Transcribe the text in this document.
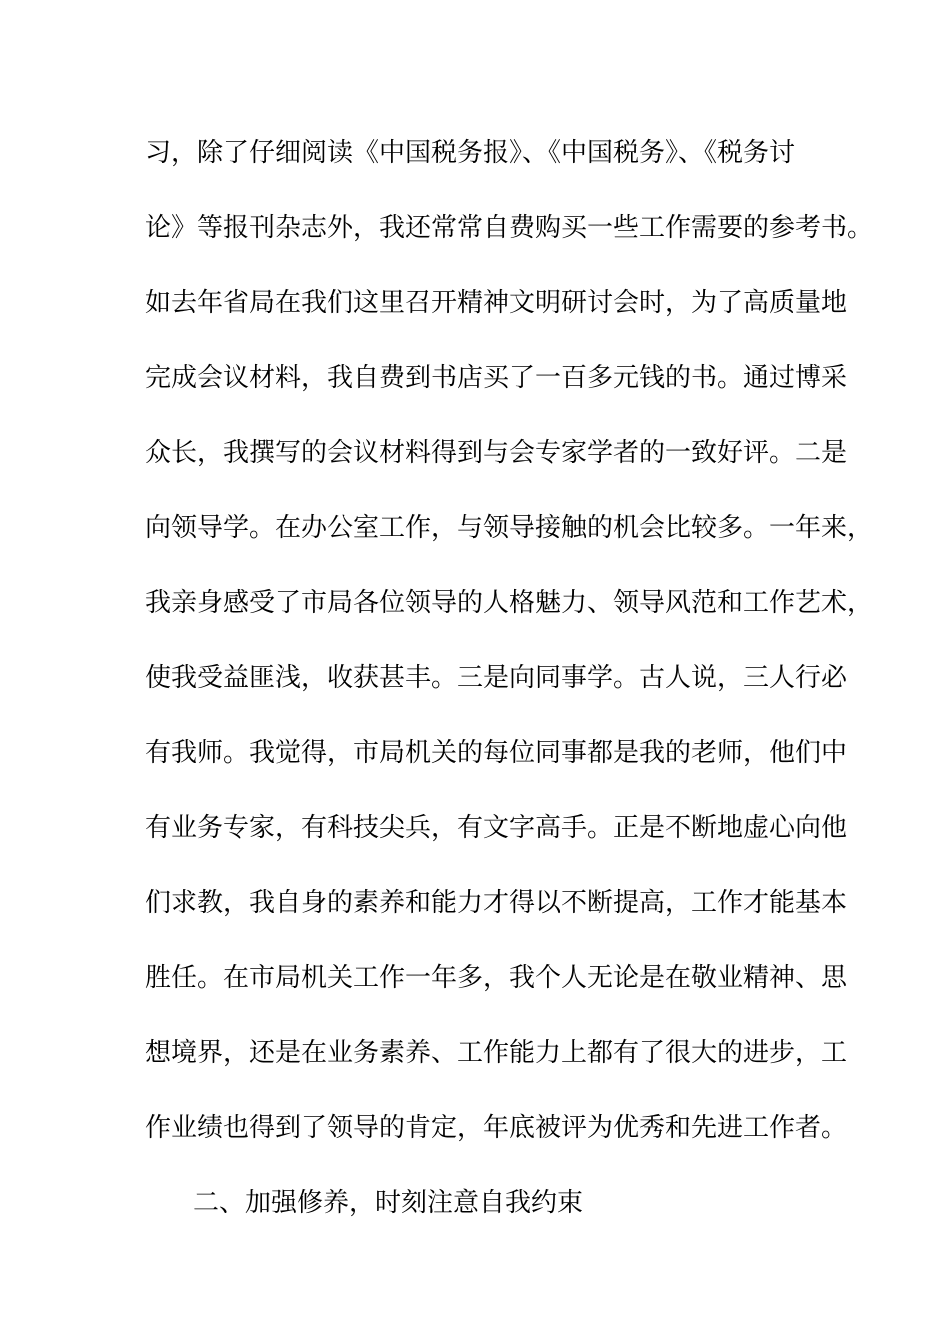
习，除了仔细阅读《中国税务报》、《中国税务》、《税务讨
论》等报刊杂志外，我还常常自费购买一些工作需要的参考书。
如去年省局在我们这里召开精神文明研讨会时，为了高质量地
完成会议材料，我自费到书店买了一百多元钱的书。通过博采
众长，我撰写的会议材料得到与会专家学者的一致好评。二是
向领导学。在办公室工作，与领导接触的机会比较多。一年来，
我亲身感受了市局各位领导的人格魅力、领导风范和工作艺术，
使我受益匪浅，收获甚丰。三是向同事学。古人说，三人行必
有我师。我觉得，市局机关的每位同事都是我的老师，他们中
有业务专家，有科技尖兵，有文字高手。正是不断地虚心向他
们求教，我自身的素养和能力才得以不断提高，工作才能基本
胜任。在市局机关工作一年多，我个人无论是在敬业精神、思
想境界，还是在业务素养、工作能力上都有了很大的进步，工
作业绩也得到了领导的肯定，年底被评为优秀和先进工作者。
二、加强修养，时刻注意自我约束
